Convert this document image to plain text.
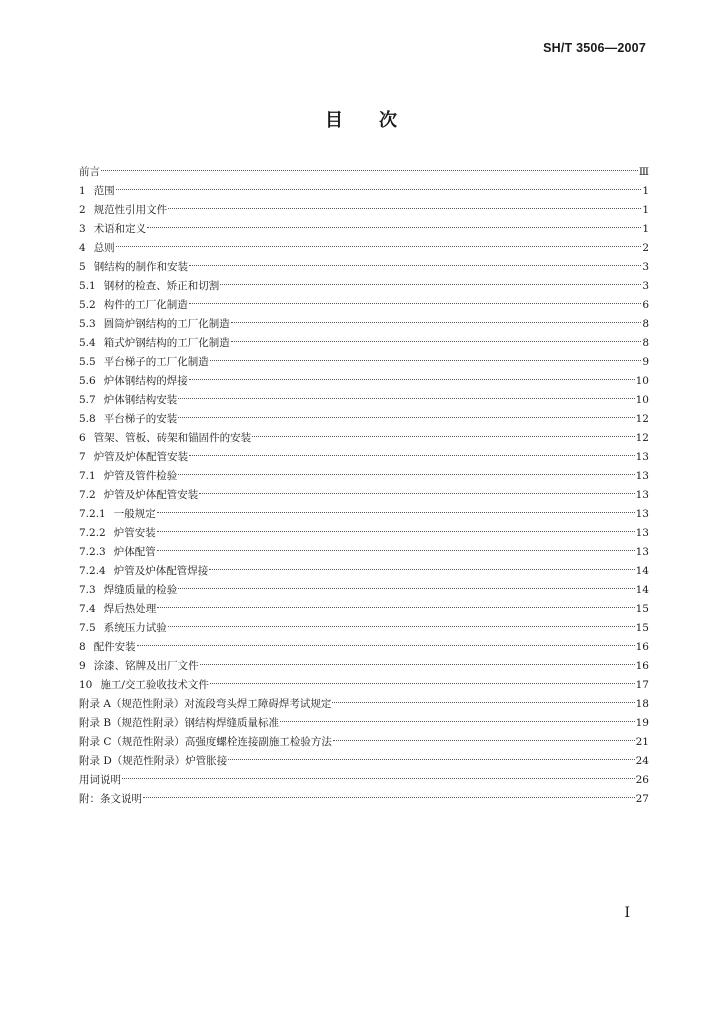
SH/T 3506—2007
目 次
前言	Ⅲ
1 范围	1
2 规范性引用文件	1
3 术语和定义	1
4 总则	2
5 钢结构的制作和安装	3
5.1 钢材的检查、矫正和切割	3
5.2 构件的工厂化制造	6
5.3 圆筒炉钢结构的工厂化制造	8
5.4 箱式炉钢结构的工厂化制造	8
5.5 平台梯子的工厂化制造	9
5.6 炉体钢结构的焊接	10
5.7 炉体钢结构安装	10
5.8 平台梯子的安装	12
6 管架、管板、砖架和锚固件的安装	12
7 炉管及炉体配管安装	13
7.1 炉管及管件检验	13
7.2 炉管及炉体配管安装	13
7.2.1 一般规定	13
7.2.2 炉管安装	13
7.2.3 炉体配管	13
7.2.4 炉管及炉体配管焊接	14
7.3 焊缝质量的检验	14
7.4 焊后热处理	15
7.5 系统压力试验	15
8 配件安装	16
9 涂漆、铭牌及出厂文件	16
10 施工/交工验收技术文件	17
附录 A（规范性附录）对流段弯头焊工障碍焊考试规定	18
附录 B（规范性附录）钢结构焊缝质量标准	19
附录 C（规范性附录）高强度螺栓连接副施工检验方法	21
附录 D（规范性附录）炉管胀接	24
用词说明	26
附：条文说明	27
I
